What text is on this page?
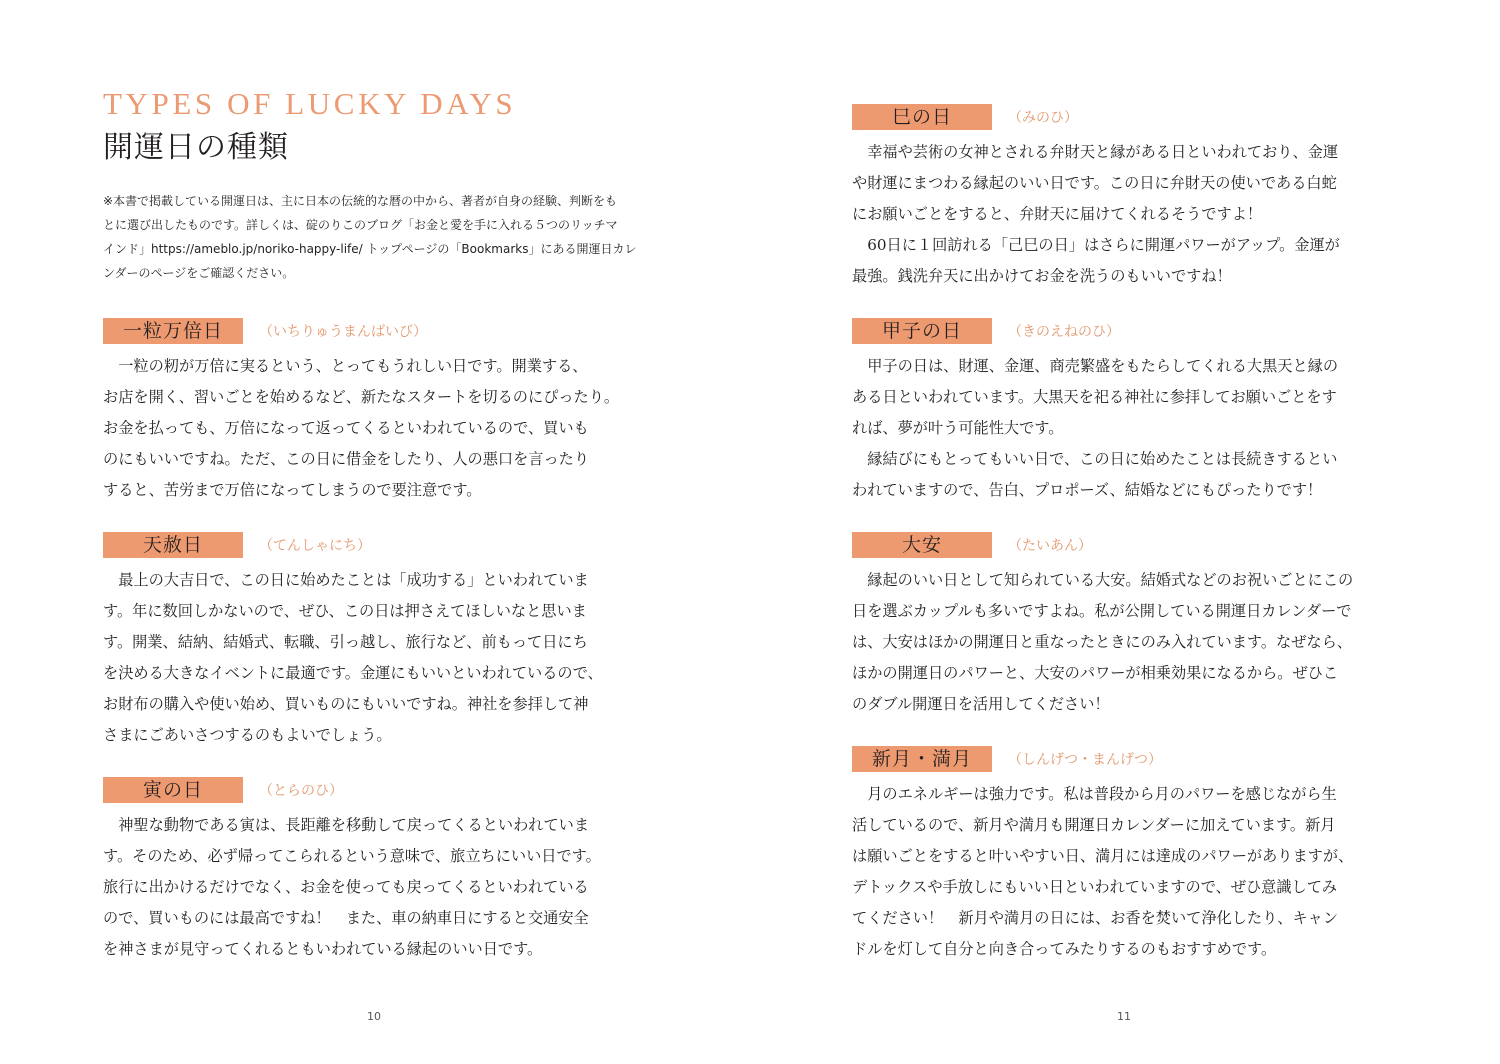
TYPES OF LUCKY DAYS
開運日の種類

※本書で掲載している開運日は、主に日本の伝統的な暦の中から、著者が自身の経験、判断をも
とに選び出したものです。詳しくは、碇のりこのブログ「お金と愛を手に入れる５つのリッチマ
インド」https://ameblo.jp/noriko-happy-life/ トップページの「Bookmarks」にある開運日カレ
ンダーのページをご確認ください。

一粒万倍日	（いちりゅうまんばいび）
　一粒の籾が万倍に実るという、とってもうれしい日です。開業する、
お店を開く、習いごとを始めるなど、新たなスタートを切るのにぴったり。
お金を払っても、万倍になって返ってくるといわれているので、買いも
のにもいいですね。ただ、この日に借金をしたり、人の悪口を言ったり
すると、苦労まで万倍になってしまうので要注意です。
天赦日	（てんしゃにち）
　最上の大吉日で、この日に始めたことは「成功する」といわれていま
す。年に数回しかないので、ぜひ、この日は押さえてほしいなと思いま
す。開業、結納、結婚式、転職、引っ越し、旅行など、前もって日にち
を決める大きなイベントに最適です。金運にもいいといわれているので、
お財布の購入や使い始め、買いものにもいいですね。神社を参拝して神
さまにごあいさつするのもよいでしょう。
寅の日	（とらのひ）
　神聖な動物である寅は、長距離を移動して戻ってくるといわれていま
す。そのため、必ず帰ってこられるという意味で、旅立ちにいい日です。
旅行に出かけるだけでなく、お金を使っても戻ってくるといわれている
ので、買いものには最高ですね！　また、車の納車日にすると交通安全
を神さまが見守ってくれるともいわれている縁起のいい日です。
10
巳の日	（みのひ）
　幸福や芸術の女神とされる弁財天と縁がある日といわれており、金運
や財運にまつわる縁起のいい日です。この日に弁財天の使いである白蛇
にお願いごとをすると、弁財天に届けてくれるそうですよ！
　60日に１回訪れる「己巳の日」はさらに開運パワーがアップ。金運が
最強。銭洗弁天に出かけてお金を洗うのもいいですね！
甲子の日	（きのえねのひ）
　甲子の日は、財運、金運、商売繁盛をもたらしてくれる大黒天と縁の
ある日といわれています。大黒天を祀る神社に参拝してお願いごとをす
れば、夢が叶う可能性大です。
　縁結びにもとってもいい日で、この日に始めたことは長続きするとい
われていますので、告白、プロポーズ、結婚などにもぴったりです！
大安	（たいあん）
　縁起のいい日として知られている大安。結婚式などのお祝いごとにこの
日を選ぶカップルも多いですよね。私が公開している開運日カレンダーで
は、大安はほかの開運日と重なったときにのみ入れています。なぜなら、
ほかの開運日のパワーと、大安のパワーが相乗効果になるから。ぜひこ
のダブル開運日を活用してください！
新月・満月	（しんげつ・まんげつ）
　月のエネルギーは強力です。私は普段から月のパワーを感じながら生
活しているので、新月や満月も開運日カレンダーに加えています。新月
は願いごとをすると叶いやすい日、満月には達成のパワーがありますが、
デトックスや手放しにもいい日といわれていますので、ぜひ意識してみ
てください！　新月や満月の日には、お香を焚いて浄化したり、キャン
ドルを灯して自分と向き合ってみたりするのもおすすめです。
11
